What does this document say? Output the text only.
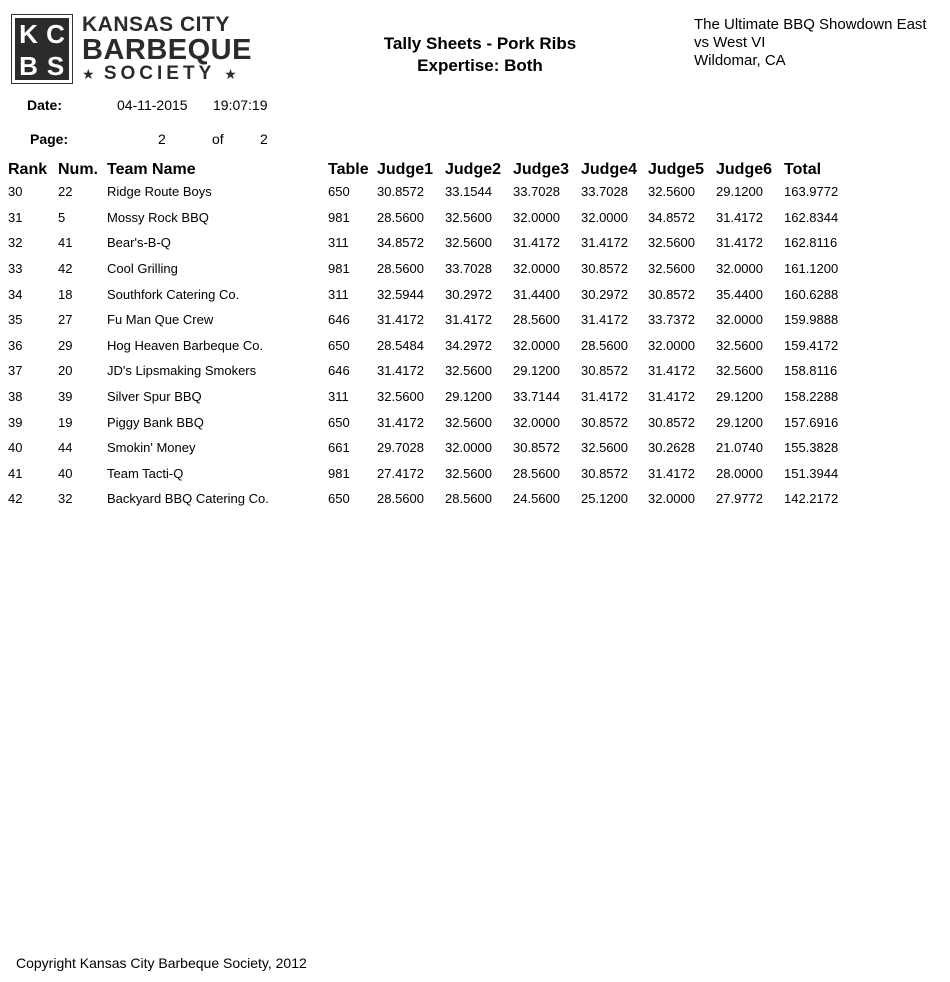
K C
B S
KANSAS CITY
BARBEQUE
★ SOCIETY ★
Tally Sheets - Pork Ribs
Expertise: Both
The Ultimate BBQ Showdown East
vs West VI
Wildomar, CA
Date:	04-11-2015 19:07:19
Page:	2	of	2
Rank	Num.	Team Name	Table	Judge1	Judge2	Judge3	Judge4	Judge5	Judge6	Total
30	22	Ridge Route Boys	650	30.8572	33.1544	33.7028	33.7028	32.5600	29.1200	163.9772
31	5	Mossy Rock BBQ	981	28.5600	32.5600	32.0000	32.0000	34.8572	31.4172	162.8344
32	41	Bear's-B-Q	311	34.8572	32.5600	31.4172	31.4172	32.5600	31.4172	162.8116
33	42	Cool Grilling	981	28.5600	33.7028	32.0000	30.8572	32.5600	32.0000	161.1200
34	18	Southfork Catering Co.	311	32.5944	30.2972	31.4400	30.2972	30.8572	35.4400	160.6288
35	27	Fu Man Que Crew	646	31.4172	31.4172	28.5600	31.4172	33.7372	32.0000	159.9888
36	29	Hog Heaven Barbeque Co.	650	28.5484	34.2972	32.0000	28.5600	32.0000	32.5600	159.4172
37	20	JD's Lipsmaking Smokers	646	31.4172	32.5600	29.1200	30.8572	31.4172	32.5600	158.8116
38	39	Silver Spur BBQ	311	32.5600	29.1200	33.7144	31.4172	31.4172	29.1200	158.2288
39	19	Piggy Bank BBQ	650	31.4172	32.5600	32.0000	30.8572	30.8572	29.1200	157.6916
40	44	Smokin' Money	661	29.7028	32.0000	30.8572	32.5600	30.2628	21.0740	155.3828
41	40	Team Tacti-Q	981	27.4172	32.5600	28.5600	30.8572	31.4172	28.0000	151.3944
42	32	Backyard BBQ Catering Co.	650	28.5600	28.5600	24.5600	25.1200	32.0000	27.9772	142.2172
Copyright Kansas City Barbeque Society, 2012
